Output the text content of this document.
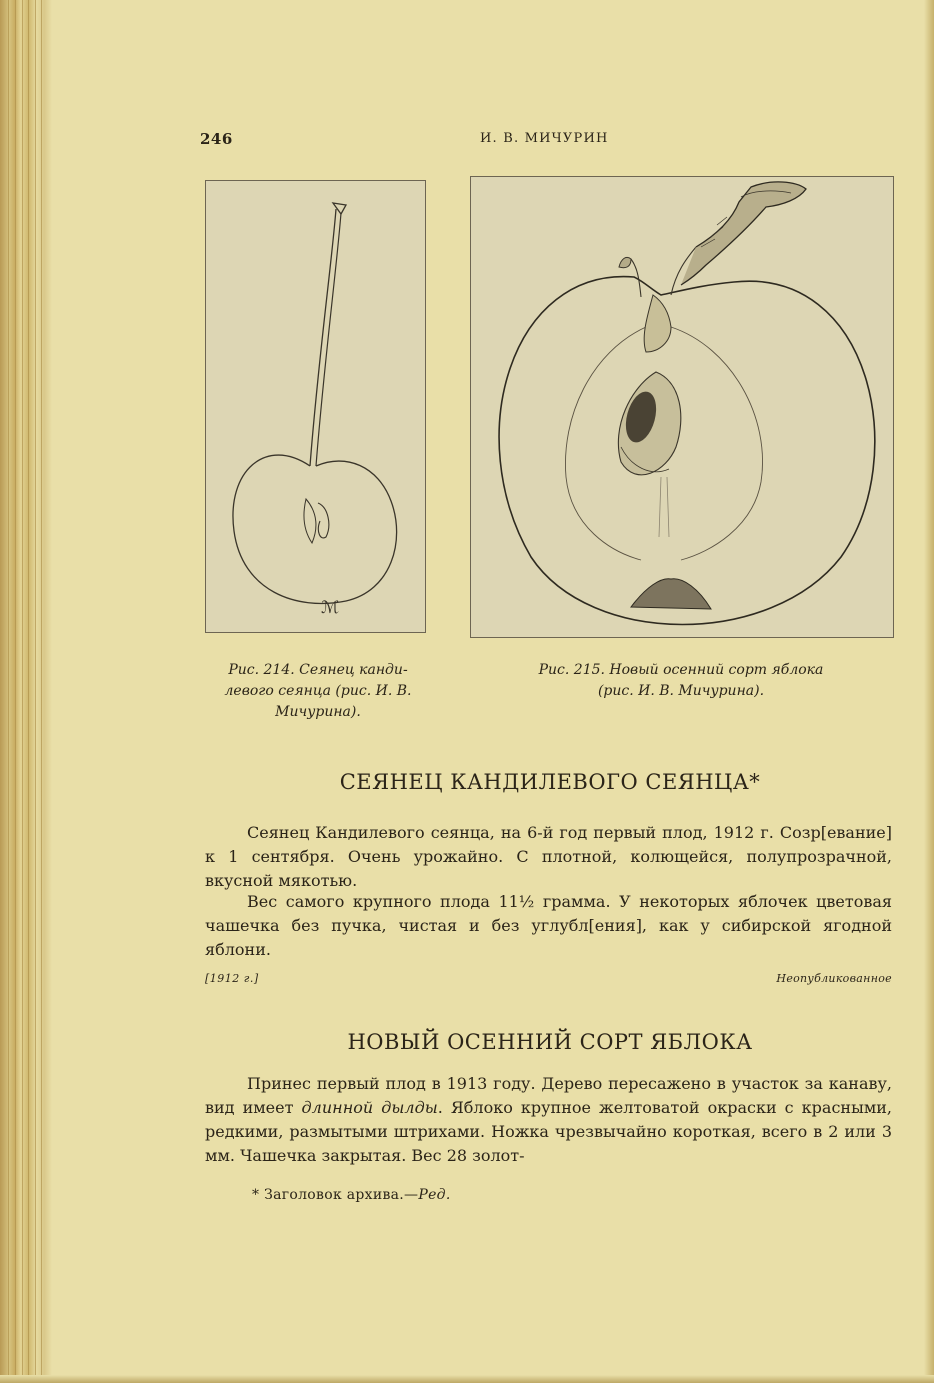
246	И. В. МИЧУРИН
ℳ
Рис. 214. Сеянец канди-
левого сеянца (рис. И. В.
Мичурина).
Рис. 215. Новый осенний сорт яблока
(рис. И. В. Мичурина).
СЕЯНЕЦ КАНДИЛЕВОГО СЕЯНЦА*

Сеянец Кандилевого сеянца, на 6-й год первый плод, 1912 г. Созр[евание] к 1 сентября. Очень урожайно. С плотной, колющейся, полупрозрачной, вкусной мякотью.

Вес самого крупного плода 11½ грамма. У некоторых яблочек цветовая чашечка без пучка, чистая и без углубл[ения], как у сибирской ягодной яблони.

[1912 г.]	Неопубликованное
НОВЫЙ ОСЕННИЙ СОРТ ЯБЛОКА

Принес первый плод в 1913 году. Дерево пересажено в участок за канаву, вид имеет длинной дылды. Яблоко крупное желтоватой окраски с красными, редкими, размытыми штрихами. Ножка чрезвычайно короткая, всего в 2 или 3 мм. Чашечка закрытая. Вес 28 золот-

* Заголовок архива.—Ред.
